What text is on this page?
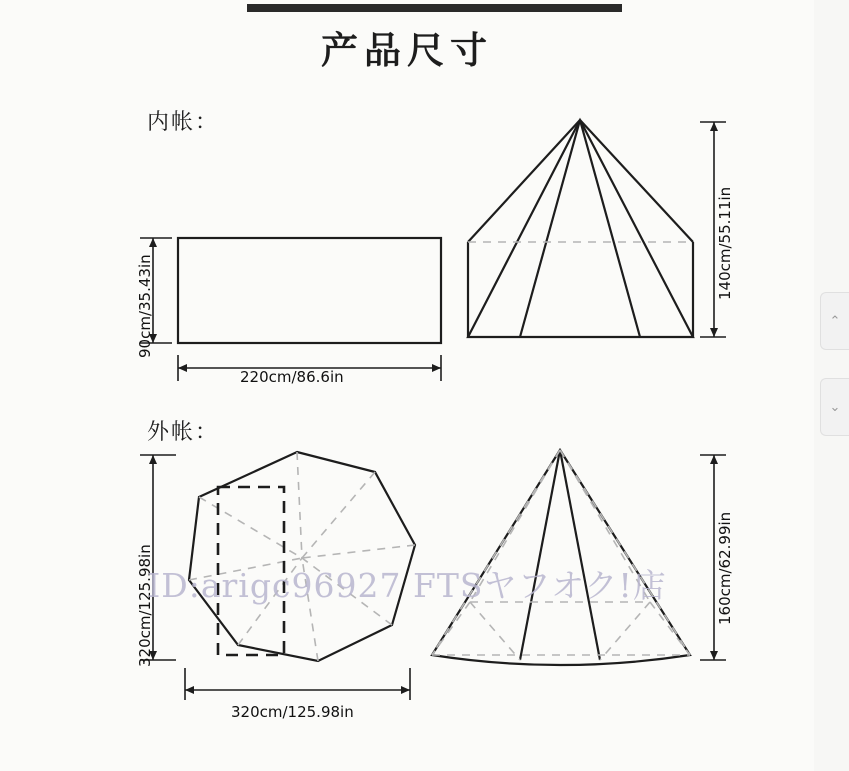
产品尺寸
内帐：
外帐：
220cm/86.6in
90cm/35.43in
140cm/55.11in
320cm/125.98in
320cm/125.98in	160cm/62.99in
ID:arigc96927 FTSヤフオク!店
⌃
⌄
